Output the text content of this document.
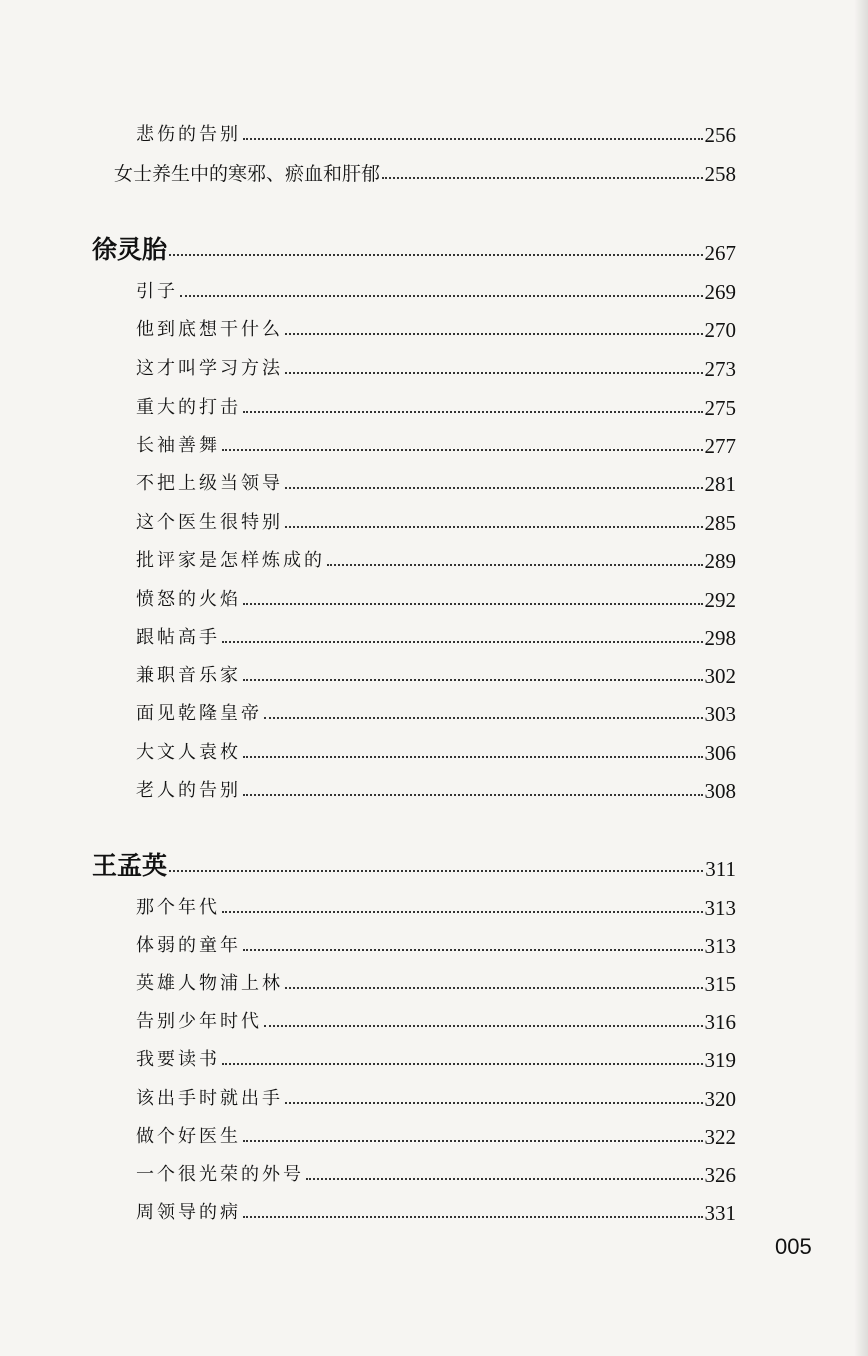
悲伤的告别	256
女士养生中的寒邪、瘀血和肝郁	258
徐灵胎	267
引子	269
他到底想干什么	270
这才叫学习方法	273
重大的打击	275
长袖善舞	277
不把上级当领导	281
这个医生很特别	285
批评家是怎样炼成的	289
愤怒的火焰	292
跟帖高手	298
兼职音乐家	302
面见乾隆皇帝	303
大文人袁枚	306
老人的告别	308
王孟英	311
那个年代	313
体弱的童年	313
英雄人物浦上林	315
告别少年时代	316
我要读书	319
该出手时就出手	320
做个好医生	322
一个很光荣的外号	326
周领导的病	331
005
